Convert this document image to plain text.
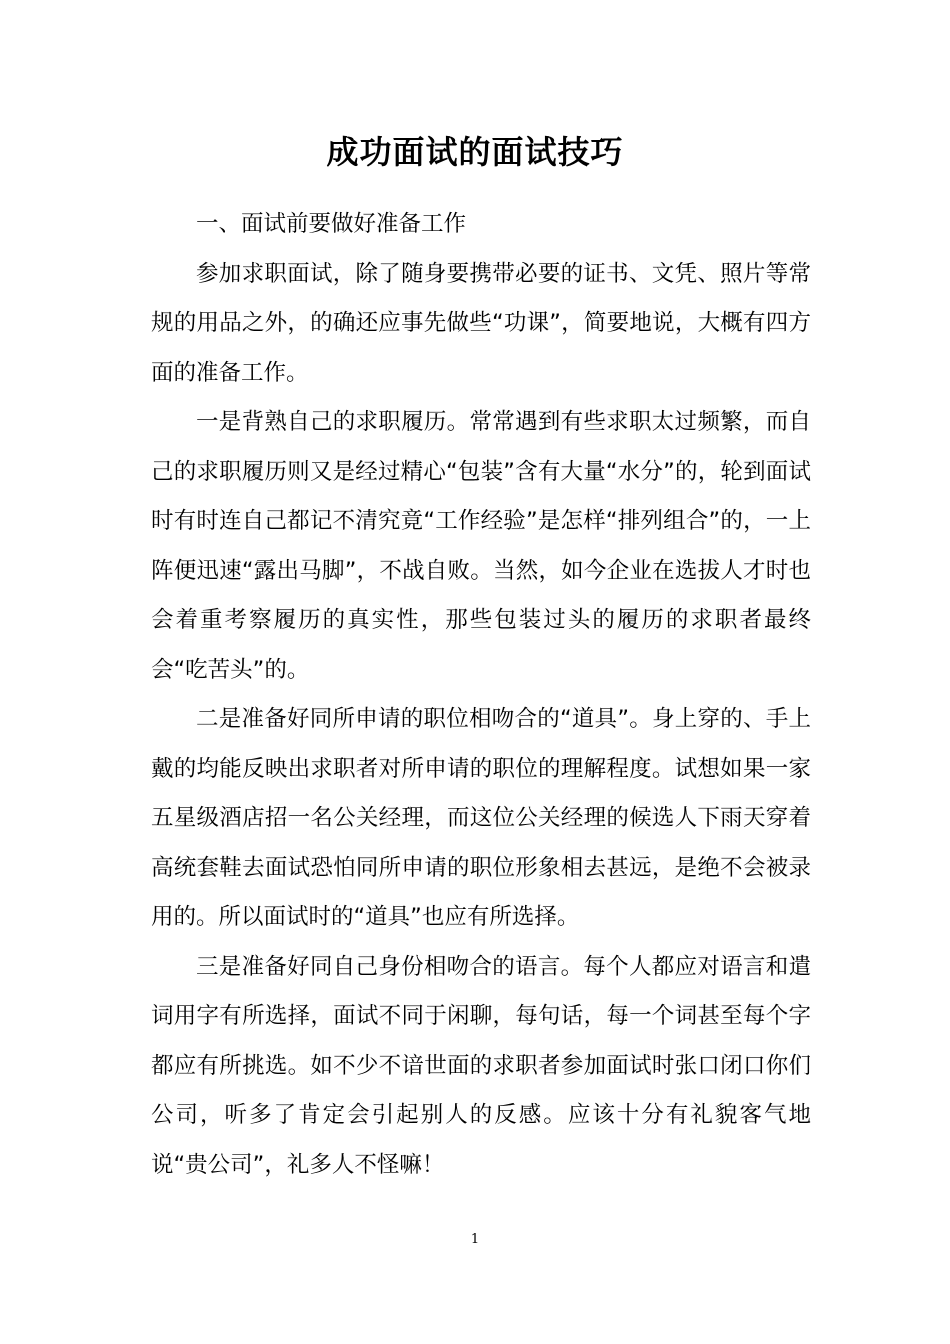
成功面试的面试技巧

一、面试前要做好准备工作

参加求职面试，除了随身要携带必要的证书、文凭、照片等常规的用品之外，的确还应事先做些“功课”，简要地说，大概有四方面的准备工作。

一是背熟自己的求职履历。常常遇到有些求职太过频繁，而自己的求职履历则又是经过精心“包装”含有大量“水分”的，轮到面试时有时连自己都记不清究竟“工作经验”是怎样“排列组合”的，一上阵便迅速“露出马脚”，不战自败。当然，如今企业在选拔人才时也会着重考察履历的真实性，那些包装过头的履历的求职者最终会“吃苦头”的。

二是准备好同所申请的职位相吻合的“道具”。身上穿的、手上戴的均能反映出求职者对所申请的职位的理解程度。试想如果一家五星级酒店招一名公关经理，而这位公关经理的候选人下雨天穿着高统套鞋去面试恐怕同所申请的职位形象相去甚远，是绝不会被录用的。所以面试时的“道具”也应有所选择。

三是准备好同自己身份相吻合的语言。每个人都应对语言和遣词用字有所选择，面试不同于闲聊，每句话，每一个词甚至每个字都应有所挑选。如不少不谙世面的求职者参加面试时张口闭口你们公司，听多了肯定会引起别人的反感。应该十分有礼貌客气地说“贵公司”，礼多人不怪嘛！

1
